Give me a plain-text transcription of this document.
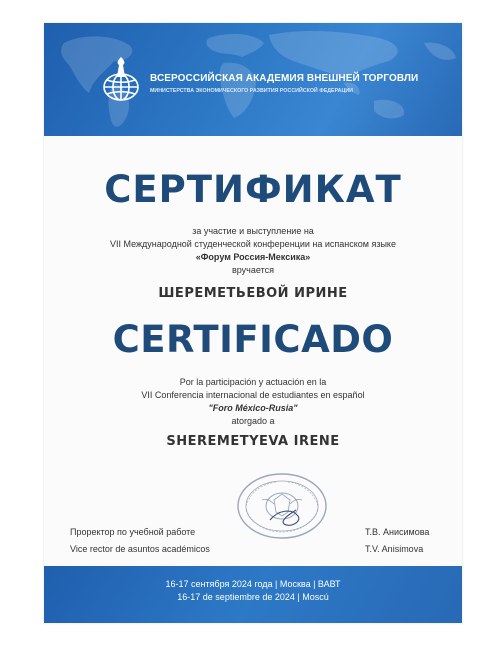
ВСЕРОССИЙСКАЯ АКАДЕМИЯ ВНЕШНЕЙ ТОРГОВЛИ
МИНИСТЕРСТВА ЭКОНОМИЧЕСКОГО РАЗВИТИЯ РОССИЙСКОЙ ФЕДЕРАЦИИ
СЕРТИФИКАТ
за участие и выступление на
VII Международной студенческой конференции на испанском языке
«Форум Россия-Мексика»
вручается
ШЕРЕМЕТЬЕВОЙ ИРИНЕ
CERTIFICADO
Por la participación y actuación en la
VII Conferencia internacional de estudiantes en español
"Foro México-Rusia"
atorgado a
SHEREMETYEVA IRENE
Проректор по учебной работе
Vice rector de asuntos académicos
Т.В. Анисимова
T.V. Anisimova
16-17 сентября 2024 года | Москва | ВАВТ
16-17 de septiembre de 2024 | Moscú
